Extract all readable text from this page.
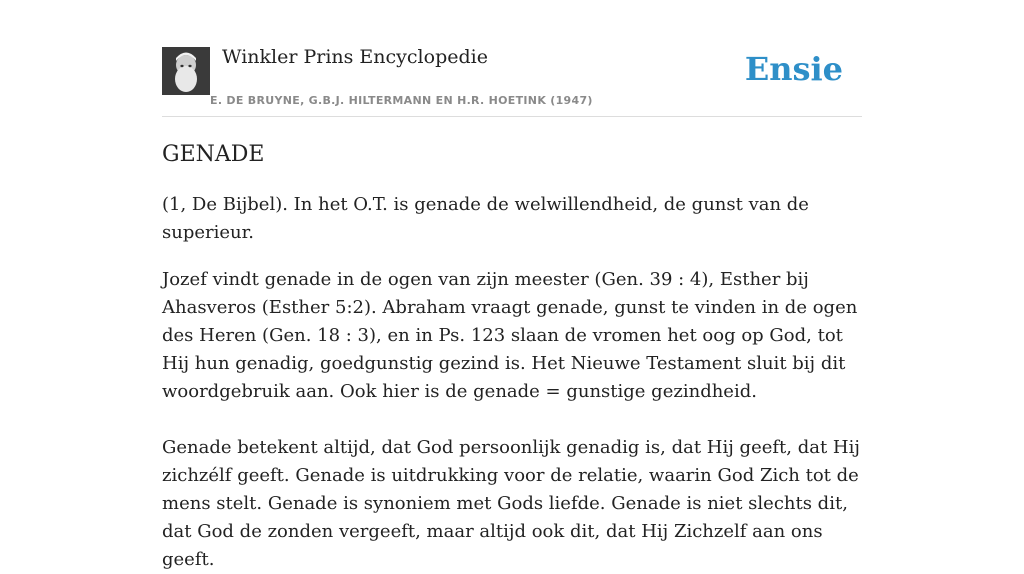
Winkler Prins Encyclopedie
E. DE BRUYNE, G.B.J. HILTERMANN EN H.R. HOETINK (1947)
Ensie
GENADE

(1, De Bijbel). In het O.T. is genade de welwillendheid, de gunst van de superieur.

Jozef vindt genade in de ogen van zijn meester (Gen. 39 : 4), Esther bij Ahasveros (Esther 5:2). Abraham vraagt genade, gunst te vinden in de ogen des Heren (Gen. 18 : 3), en in Ps. 123 slaan de vromen het oog op God, tot Hij hun genadig, goedgunstig gezind is. Het Nieuwe Testament sluit bij dit woordgebruik aan. Ook hier is de genade = gunstige gezindheid.

Genade betekent altijd, dat God persoonlijk genadig is, dat Hij geeft, dat Hij zichzélf geeft. Genade is uitdrukking voor de relatie, waarin God Zich tot de mens stelt. Genade is synoniem met Gods liefde. Genade is niet slechts dit, dat God de zonden vergeeft, maar altijd ook dit, dat Hij Zichzelf aan ons geeft.
